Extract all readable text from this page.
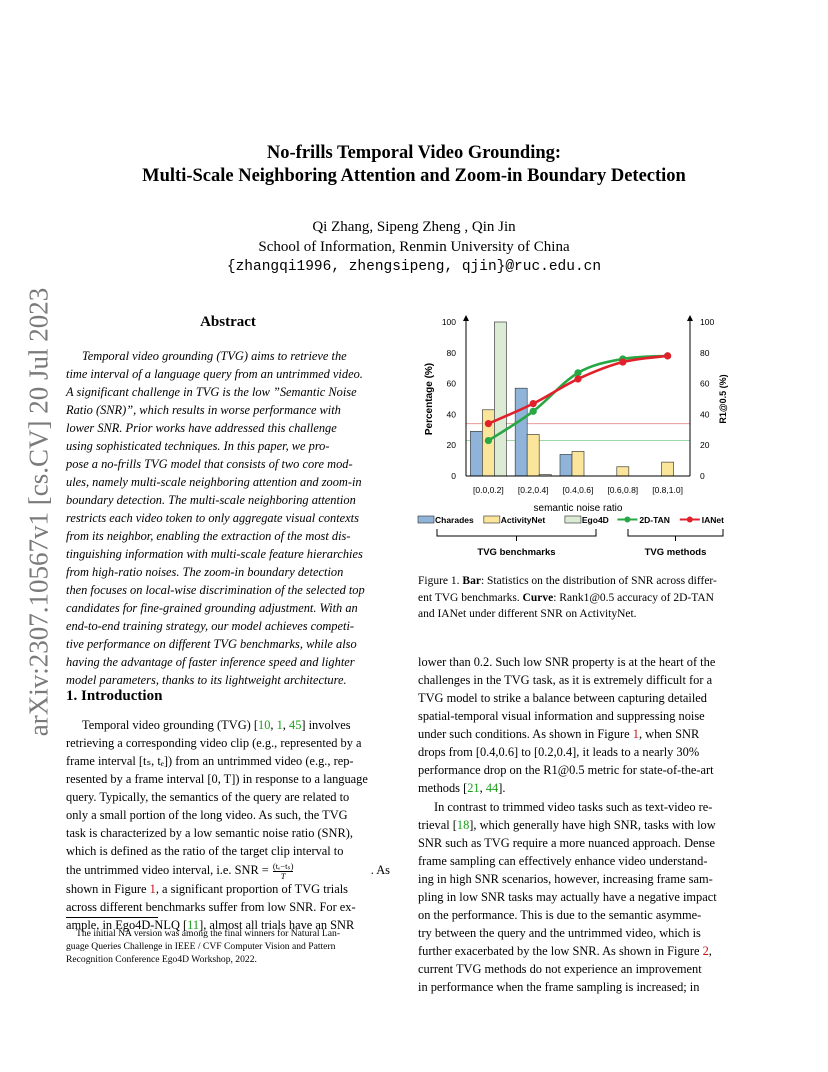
arXiv:2307.10567v1 [cs.CV] 20 Jul 2023
No-frills Temporal Video Grounding:
Multi-Scale Neighboring Attention and Zoom-in Boundary Detection
Qi Zhang, Sipeng Zheng , Qin Jin
School of Information, Renmin University of China
{zhangqi1996, zhengsipeng, qjin}@ruc.edu.cn
Abstract
Temporal video grounding (TVG) aims to retrieve the
time interval of a language query from an untrimmed video.
A significant challenge in TVG is the low ”Semantic Noise
Ratio (SNR)”, which results in worse performance with
lower SNR. Prior works have addressed this challenge
using sophisticated techniques. In this paper, we pro-
pose a no-frills TVG model that consists of two core mod-
ules, namely multi-scale neighboring attention and zoom-in
boundary detection. The multi-scale neighboring attention
restricts each video token to only aggregate visual contexts
from its neighbor, enabling the extraction of the most dis-
tinguishing information with multi-scale feature hierarchies
from high-ratio noises. The zoom-in boundary detection
then focuses on local-wise discrimination of the selected top
candidates for fine-grained grounding adjustment. With an
end-to-end training strategy, our model achieves competi-
tive performance on different TVG benchmarks, while also
having the advantage of faster inference speed and lighter
model parameters, thanks to its lightweight architecture.
1. Introduction
Temporal video grounding (TVG) [10, 1, 45] involves
retrieving a corresponding video clip (e.g., represented by a
frame interval [tₛ, tₑ]) from an untrimmed video (e.g., rep-
resented by a frame interval [0, T]) in response to a language
query. Typically, the semantics of the query are related to
only a small portion of the long video. As such, the TVG
task is characterized by a low semantic noise ratio (SNR),
which is defined as the ratio of the target clip interval to
the untrimmed video interval, i.e. SNR = $\frac{\text{(tₑ−tₛ)}}{T}$	. As
shown in Figure 1, a significant proportion of TVG trials
across different benchmarks suffer from low SNR. For ex-
ample, in Ego4D-NLQ [11], almost all trials have an SNR
The initial NA version was among the final winners for Natural Lan-
guage Queries Challenge in IEEE / CVF Computer Vision and Pattern
Recognition Conference Ego4D Workshop, 2022.
0	0
20	20
40	40
60	60
80	80
100	100
[0.0,0.2] [0.2,0.4] [0.4,0.6] [0.6,0.8] [0.8,1.0]
semantic noise ratio
Percentage (%)	R1@0.5 (%)
Charades	ActivityNet	Ego4D	2D-TAN	IANet
TVG benchmarks	TVG methods
Figure 1. Bar: Statistics on the distribution of SNR across differ-
ent TVG benchmarks. Curve: Rank1@0.5 accuracy of 2D-TAN
and IANet under different SNR on ActivityNet.
lower than 0.2. Such low SNR property is at the heart of the
challenges in the TVG task, as it is extremely difficult for a
TVG model to strike a balance between capturing detailed
spatial-temporal visual information and suppressing noise
under such conditions. As shown in Figure 1, when SNR
drops from [0.4,0.6] to [0.2,0.4], it leads to a nearly 30%
performance drop on the R1@0.5 metric for state-of-the-art
methods [21, 44].
In contrast to trimmed video tasks such as text-video re-
trieval [18], which generally have high SNR, tasks with low
SNR such as TVG require a more nuanced approach. Dense
frame sampling can effectively enhance video understand-
ing in high SNR scenarios, however, increasing frame sam-
pling in low SNR tasks may actually have a negative impact
on the performance. This is due to the semantic asymme-
try between the query and the untrimmed video, which is
further exacerbated by the low SNR. As shown in Figure 2,
current TVG methods do not experience an improvement
in performance when the frame sampling is increased; in
